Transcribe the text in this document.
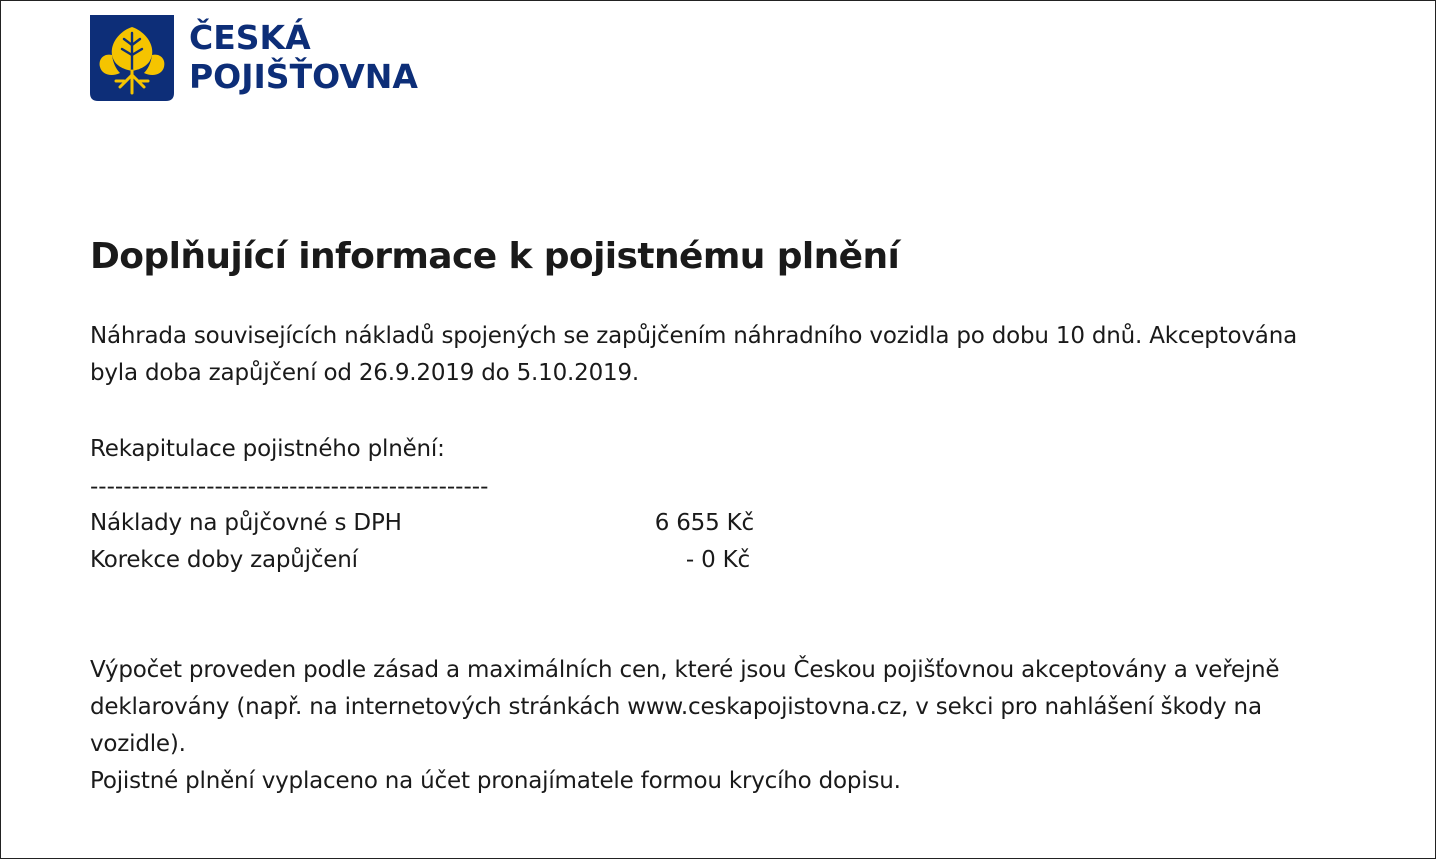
ČESKÁ
POJIŠŤOVNA
Doplňující informace k pojistnému plnění

Náhrada souvisejících nákladů spojených se zapůjčením náhradního vozidla po dobu 10 dnů. Akceptována
byla doba zapůjčení od 26.9.2019 do 5.10.2019.

Rekapitulace pojistného plnění:

------------------------------------------------

Náklady na půjčovné s DPH	6 655 Kč
Korekce doby zapůjčení	- 0 Kč

Výpočet proveden podle zásad a maximálních cen, které jsou Českou pojišťovnou akceptovány a veřejně
deklarovány (např. na internetových stránkách www.ceskapojistovna.cz, v sekci pro nahlášení škody na
vozidle).
Pojistné plnění vyplaceno na účet pronajímatele formou krycího dopisu.
